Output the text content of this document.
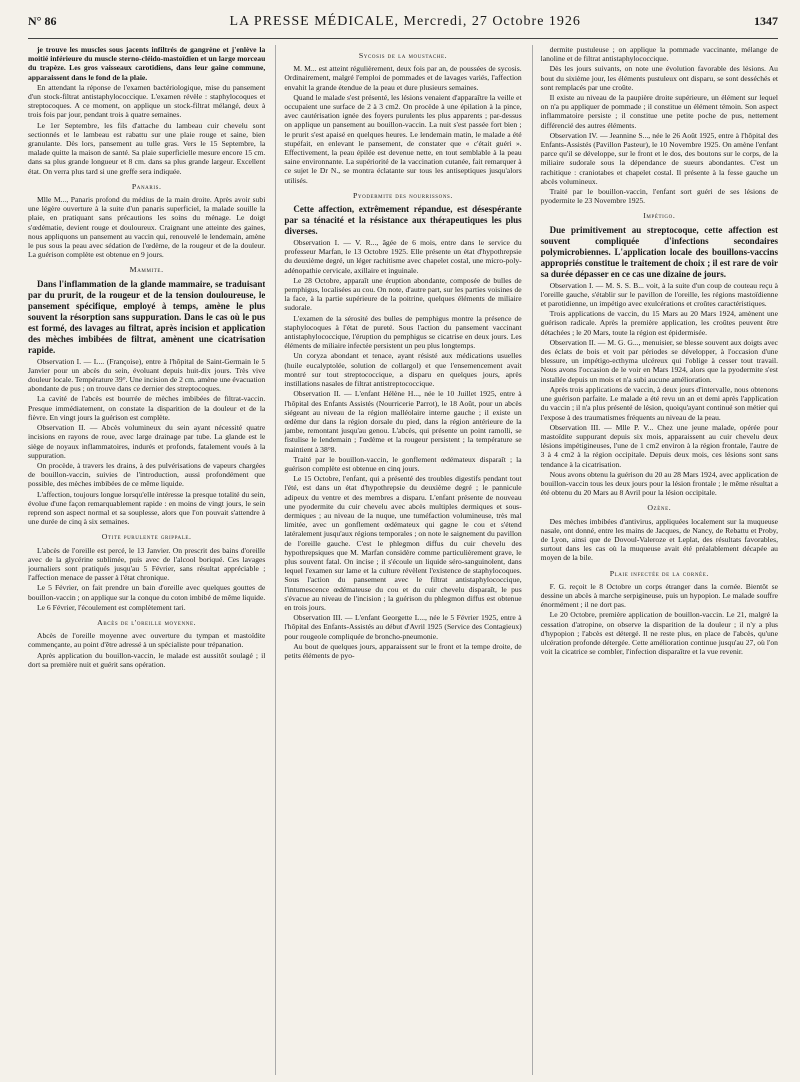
N° 86	LA PRESSE MÉDICALE, Mercredi, 27 Octobre 1926	1347

je trouve les muscles sous jacents infiltrés de gangrène et j'enlève la moitié inférieure du muscle sterno-cléido-mastoïdien et un large morceau du trapèze. Les gros vaisseaux carotidiens, dans leur gaine commune, apparaissent dans le fond de la plaie.

En attendant la réponse de l'examen bactériologique, mise du pansement d'un stock-filtrat antistaphylococcique. L'examen révèle : staphylocoques et streptocoques. A ce moment, on applique un stock-filtrat mélangé, deux à trois fois par jour, pendant trois à quatre semaines.

Le 1er Septembre, les fils d'attache du lambeau cuir chevelu sont sectionnés et le lambeau est rabattu sur une plaie rouge et saine, bien granulante. Dès lors, pansement au tulle gras. Vers le 15 Septembre, la malade quitte la maison de santé. Sa plaie superficielle mesure encore 15 cm. dans sa plus grande longueur et 8 cm. dans sa plus grande largeur. Excellent état. On verra plus tard si une greffe sera indiquée.

Panaris.

Mlle M..., Panaris profond du médius de la main droite. Après avoir subi une légère ouverture à la suite d'un panaris superficiel, la malade souille la plaie, en pratiquant sans précautions les soins du ménage. Le doigt s'œdématie, devient rouge et douloureux. Craignant une atteinte des gaines, nous appliquons un pansement au vaccin qui, renouvelé le lendemain, amène le pus sous la peau avec sédation de l'œdème, de la rougeur et de la douleur. La guérison complète est obtenue en 9 jours.

Mammite.

Dans l'inflammation de la glande mammaire, se traduisant par du prurit, de la rougeur et de la tension douloureuse, le pansement spécifique, employé à temps, amène le plus souvent la résorption sans suppuration. Dans le cas où le pus est formé, des lavages au filtrat, après incision et application des mèches imbibées de filtrat, amènent une cicatrisation rapide.

Observation I. — L... (Françoise), entre à l'hôpital de Saint-Germain le 5 Janvier pour un abcès du sein, évoluant depuis huit-dix jours. Très vive douleur locale. Température 39°. Une incision de 2 cm. amène une évacuation abondante de pus ; on trouve dans ce dernier des streptocoques.

La cavité de l'abcès est bourrée de mèches imbibées de filtrat-vaccin. Presque immédiatement, on constate la disparition de la douleur et de la fièvre. En vingt jours la guérison est complète.

Observation II. — Abcès volumineux du sein ayant nécessité quatre incisions en rayons de roue, avec large drainage par tube. La glande est le siège de noyaux inflammatoires, indurés et profonds, fatalement voués à la suppuration.

On procède, à travers les drains, à des pulvérisations de vapeurs chargées de bouillon-vaccin, suivies de l'introduction, aussi profondément que possible, des mèches imbibées de ce même liquide.

L'affection, toujours longue lorsqu'elle intéresse la presque totalité du sein, évolue d'une façon remarquablement rapide : en moins de vingt jours, le sein reprend son aspect normal et sa souplesse, alors que l'on pouvait s'attendre à une durée de cinq à six semaines.

Otite purulente grippale.

L'abcès de l'oreille est percé, le 13 Janvier. On prescrit des bains d'oreille avec de la glycérine sublimée, puis avec de l'alcool boriqué. Ces lavages journaliers sont pratiqués jusqu'au 5 Février, sans résultat appréciable ; l'affection menace de passer à l'état chronique.

Le 5 Février, on fait prendre un bain d'oreille avec quelques gouttes de bouillon-vaccin ; on applique sur la conque du coton imbibé de même liquide.

Le 6 Février, l'écoulement est complètement tari.

Abcès de l'oreille moyenne.

Abcès de l'oreille moyenne avec ouverture du tympan et mastoïdite commençante, au point d'être adressé à un spécialiste pour trépanation.

Après application du bouillon-vaccin, le malade est aussitôt soulagé ; il dort sa première nuit et guérit sans opération.

Sycosis de la moustache.

M. M... est atteint régulièrement, deux fois par an, de poussées de sycosis. Ordinairement, malgré l'emploi de pommades et de lavages variés, l'affection envahit la grande étendue de la peau et dure plusieurs semaines.

Quand le malade s'est présenté, les lésions venaient d'apparaître la veille et occupaient une surface de 2 à 3 cm2. On procède à une épilation à la pince, avec cautérisation ignée des foyers purulents les plus apparents ; par-dessus on applique un pansement au bouillon-vaccin. La nuit s'est passée fort bien ; le prurit s'est apaisé en quelques heures. Le lendemain matin, le malade a été stupéfait, en enlevant le pansement, de constater que « c'était guéri ». Effectivement, la peau épilée est devenue nette, en tout semblable à la peau saine environnante. La supériorité de la vaccination cutanée, fait remarquer à ce sujet le Dr N., se montra éclatante sur tous les antiseptiques jusqu'alors utilisés.

Pyodermite des nourrissons.

Cette affection, extrêmement répandue, est désespérante par sa ténacité et la résistance aux thérapeutiques les plus diverses.

Observation I. — V. R..., âgée de 6 mois, entre dans le service du professeur Marfan, le 13 Octobre 1925. Elle présente un état d'hypothrepsie du deuxième degré, un léger rachitisme avec chapelet costal, une micro-poly-adénopathie cervicale, axillaire et inguinale.

Le 28 Octobre, apparaît une éruption abondante, composée de bulles de pemphigus, localisées au cou. On note, d'autre part, sur les parties voisines de la face, à la partie supérieure de la poitrine, quelques éléments de miliaire sudorale.

L'examen de la sérosité des bulles de pemphigus montre la présence de staphylocoques à l'état de pureté. Sous l'action du pansement vaccinant antistaphylococcique, l'éruption du pemphigus se cicatrise en deux jours. Les éléments de miliaire infectée persistent un peu plus longtemps.

Un coryza abondant et tenace, ayant résisté aux médications usuelles (huile eucalyptolée, solution de collargol) et que l'ensemencement avait montré sur tout streptococcique, a disparu en quelques jours, après instillations nasales de filtrat antistreptococcique.

Observation II. — L'enfant Hélène H..., née le 10 Juillet 1925, entre à l'hôpital des Enfants Assistés (Nourricerie Parrot), le 18 Août, pour un abcès siégeant au niveau de la région malléolaire interne gauche ; il existe un œdème dur dans la région dorsale du pied, dans la région antérieure de la jambe, remontant jusqu'au genou. L'abcès, qui présente un point ramolli, se fistulise le lendemain ; l'œdème et la rougeur persistent ; la température se maintient à 38°8.

Traité par le bouillon-vaccin, le gonflement œdémateux disparaît ; la guérison complète est obtenue en cinq jours.

Le 15 Octobre, l'enfant, qui a présenté des troubles digestifs pendant tout l'été, est dans un état d'hypothrepsie du deuxième degré ; le pannicule adipeux du ventre et des membres a disparu. L'enfant présente de nouveau une pyodermite du cuir chevelu avec abcès multiples dermiques et sous-dermiques ; au niveau de la nuque, une tuméfaction volumineuse, très mal limitée, avec un gonflement œdémateux qui gagne le cou et s'étend latéralement jusqu'aux régions temporales ; on note le saignement du pavillon de l'oreille gauche. C'est le phlegmon diffus du cuir chevelu des hypothrepsiques que M. Marfan considère comme particulièrement grave, le plus souvent fatal. On incise ; il s'écoule un liquide séro-sanguinolent, dans lequel l'examen sur lame et la culture révèlent l'existence de staphylocoques. Sous l'action du pansement avec le filtrat antistaphylococcique, l'intumescence œdémateuse du cou et du cuir chevelu disparaît, le pus s'évacue au niveau de l'incision ; la guérison du phlegmon diffus est obtenue en trois jours.

Observation III. — L'enfant Georgette L..., née le 5 Février 1925, entre à l'hôpital des Enfants-Assistés au début d'Avril 1925 (Service des Contagieux) pour rougeole compliquée de broncho-pneumonie.

Au bout de quelques jours, apparaissent sur le front et la tempe droite, de petits éléments de pyo-

dermite pustuleuse ; on applique la pommade vaccinante, mélange de lanoline et de filtrat antistaphylococcique.

Dès les jours suivants, on note une évolution favorable des lésions. Au bout du sixième jour, les éléments pustuleux ont disparu, se sont desséchés et sont remplacés par une croûte.

Il existe au niveau de la paupière droite supérieure, un élément sur lequel on n'a pu appliquer de pommade ; il constitue un élément témoin. Son aspect inflammatoire persiste ; il constitue une petite poche de pus, nettement différencié des autres éléments.

Observation IV. — Jeannine S..., née le 26 Août 1925, entre à l'hôpital des Enfants-Assistés (Pavillon Pasteur), le 10 Novembre 1925. On amène l'enfant parce qu'il se développe, sur le front et le dos, des boutons sur le corps, de la miliaire sudorale sous la dépendance de sueurs abondantes. C'est un rachitique : craniotabes et chapelet costal. Il présente à la fesse gauche un abcès volumineux.

Traité par le bouillon-vaccin, l'enfant sort guéri de ses lésions de pyodermite le 23 Novembre 1925.

Impétigo.

Due primitivement au streptocoque, cette affection est souvent compliquée d'infections secondaires polymicrobiennes. L'application locale des bouillons-vaccins appropriés constitue le traitement de choix ; il est rare de voir sa durée dépasser en ce cas une dizaine de jours.

Observation I. — M. S. S. B... voit, à la suite d'un coup de couteau reçu à l'oreille gauche, s'établir sur le pavillon de l'oreille, les régions mastoïdienne et parotidienne, un impétigo avec exulcérations et croûtes caractéristiques.

Trois applications de vaccin, du 15 Mars au 20 Mars 1924, amènent une guérison radicale. Après la première application, les croûtes peuvent être détachées ; le 20 Mars, toute la région est épidermisée.

Observation II. — M. G. G..., menuisier, se blesse souvent aux doigts avec des éclats de bois et voit par périodes se développer, à l'occasion d'une blessure, un impétigo-ecthyma ulcéreux qui l'oblige à cesser tout travail. Nous avons l'occasion de le voir en Mars 1924, alors que la pyodermite s'est installée depuis un mois et n'a subi aucune amélioration.

Après trois applications de vaccin, à deux jours d'intervalle, nous obtenons une guérison parfaite. Le malade a été revu un an et demi après l'application du vaccin ; il n'a plus présenté de lésion, quoiqu'ayant continué son métier qui l'expose à des traumatismes fréquents au niveau de la peau.

Observation III. — Mlle P. V... Chez une jeune malade, opérée pour mastoïdite suppurant depuis six mois, apparaissent au cuir chevelu deux lésions impétigineuses, l'une de 1 cm2 environ à la région frontale, l'autre de 3 à 4 cm2 à la région occipitale. Depuis deux mois, ces lésions sont sans tendance à la cicatrisation.

Nous avons obtenu la guérison du 20 au 28 Mars 1924, avec application de bouillon-vaccin tous les deux jours pour la lésion frontale ; le même résultat a été obtenu du 20 Mars au 8 Avril pour la lésion occipitale.

Ozène.

Des mèches imbibées d'antivirus, appliquées localement sur la muqueuse nasale, ont donné, entre les mains de Jacques, de Nancy, de Rebattu et Proby, de Lyon, ainsi que de Dovoul-Valeroze et Leplat, des résultats favorables, surtout dans les cas où la muqueuse avait été préalablement décapée au moyen de la bile.

Plaie infectée de la cornée.

F. G. reçoit le 8 Octobre un corps étranger dans la cornée. Bientôt se dessine un abcès à marche serpigineuse, puis un hypopion. Le malade souffre énormément ; il ne dort pas.

Le 20 Octobre, première application de bouillon-vaccin. Le 21, malgré la cessation d'atropine, on observe la disparition de la douleur ; il n'y a plus d'hypopion ; l'abcès est détergé. Il ne reste plus, en place de l'abcès, qu'une ulcération profonde détergée. Cette amélioration continue jusqu'au 27, où l'on voit la cicatrice se combler, l'infection disparaître et la vue revenir.
